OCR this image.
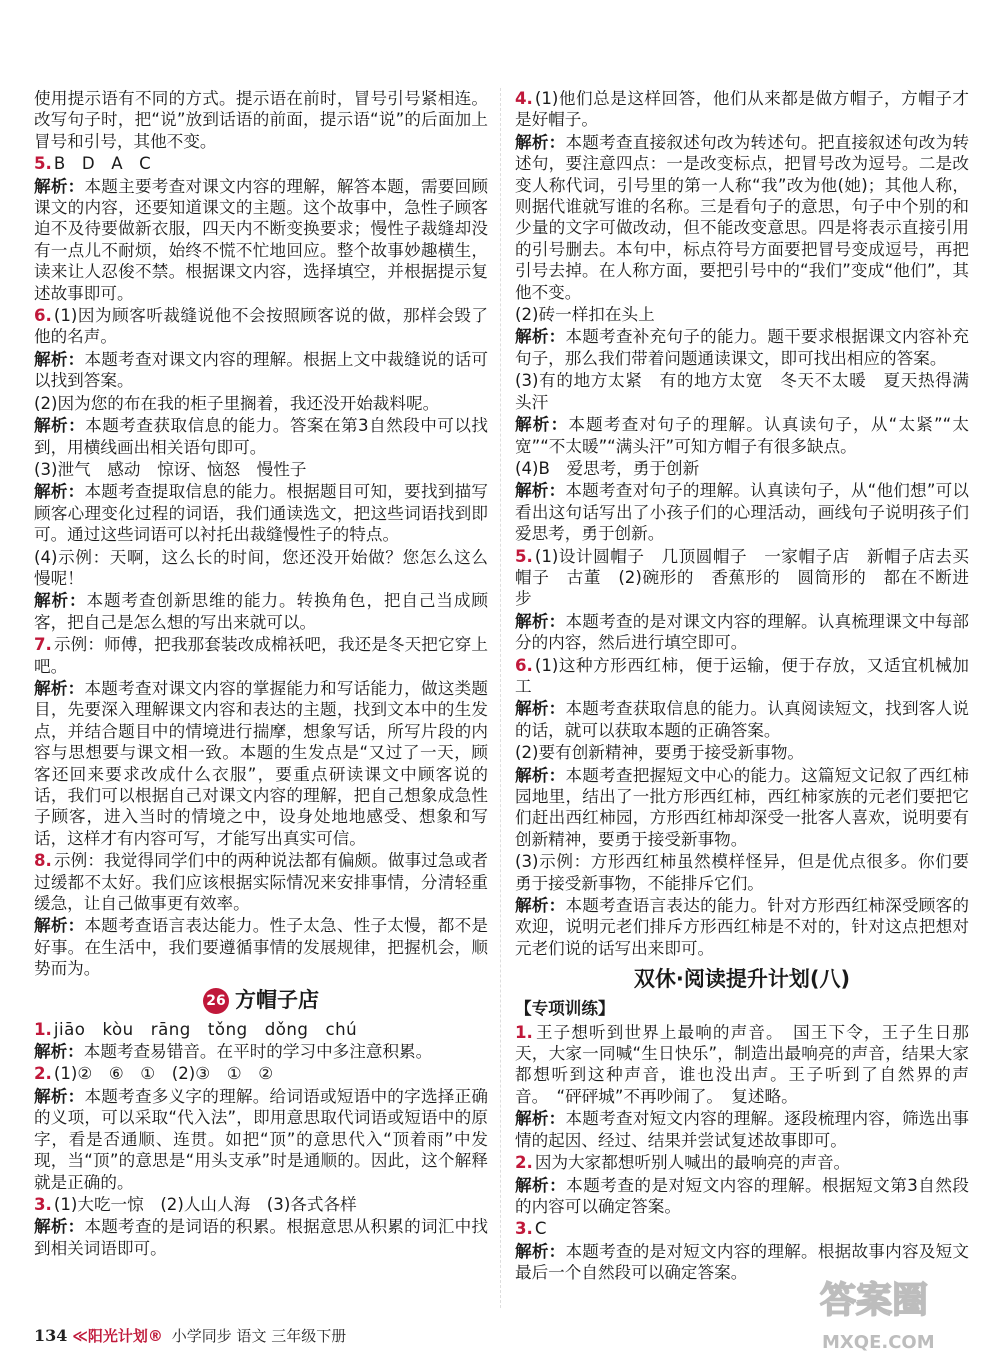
使用提示语有不同的方式。提示语在前时，冒号引号紧相连。改写句子时，把“说”放到话语的前面，提示语“说”的后面加上冒号和引号，其他不变。

5. B　D　A　C

解析：本题主要考查对课文内容的理解，解答本题，需要回顾课文的内容，还要知道课文的主题。这个故事中，急性子顾客迫不及待要做新衣服，四天内不断变换要求；慢性子裁缝却没有一点儿不耐烦，始终不慌不忙地回应。整个故事妙趣横生，读来让人忍俊不禁。根据课文内容，选择填空，并根据提示复述故事即可。

6. (1)因为顾客听裁缝说他不会按照顾客说的做，那样会毁了他的名声。

解析：本题考查对课文内容的理解。根据上文中裁缝说的话可以找到答案。

(2)因为您的布在我的柜子里搁着，我还没开始裁料呢。

解析：本题考查获取信息的能力。答案在第3自然段中可以找到，用横线画出相关语句即可。

(3)泄气　感动　惊讶、恼怒　慢性子

解析：本题考查提取信息的能力。根据题目可知，要找到描写顾客心理变化过程的词语，我们通读选文，把这些词语找到即可。通过这些词语可以衬托出裁缝慢性子的特点。

(4)示例：天啊，这么长的时间，您还没开始做？您怎么这么慢呢！

解析：本题考查创新思维的能力。转换角色，把自己当成顾客，把自己是怎么想的写出来就可以。

7. 示例：师傅，把我那套装改成棉袄吧，我还是冬天把它穿上吧。

解析：本题考查对课文内容的掌握能力和写话能力，做这类题目，先要深入理解课文内容和表达的主题，找到文本中的生发点，并结合题目中的情境进行揣摩，想象写话，所写片段的内容与思想要与课文相一致。本题的生发点是“又过了一天，顾客还回来要求改成什么衣服”，要重点研读课文中顾客说的话，我们可以根据自己对课文内容的理解，把自己想象成急性子顾客，进入当时的情境之中，设身处地地感受、想象和写话，这样才有内容可写，才能写出真实可信。

8. 示例：我觉得同学们中的两种说法都有偏颇。做事过急或者过缓都不太好。我们应该根据实际情况来安排事情，分清轻重缓急，让自己做事更有效率。

解析：本题考查语言表达能力。性子太急、性子太慢，都不是好事。在生活中，我们要遵循事情的发展规律，把握机会，顺势而为。

26 方帽子店

1. jiāo　kòu　rāng　tǒng　dǒng　chú

解析：本题考查易错音。在平时的学习中多注意积累。

2. (1)②　⑥　①　(2)③　①　②

解析：本题考查多义字的理解。给词语或短语中的字选择正确的义项，可以采取“代入法”，即用意思取代词语或短语中的原字，看是否通顺、连贯。如把“顶”的意思代入“顶着雨”中发现，当“顶”的意思是“用头支承”时是通顺的。因此，这个解释就是正确的。

3. (1)大吃一惊　(2)人山人海　(3)各式各样

解析：本题考查的是词语的积累。根据意思从积累的词汇中找到相关词语即可。

4. (1)他们总是这样回答，他们从来都是做方帽子，方帽子才是好帽子。

解析：本题考查直接叙述句改为转述句。把直接叙述句改为转述句，要注意四点：一是改变标点，把冒号改为逗号。二是改变人称代词，引号里的第一人称“我”改为他(她)；其他人称，则据代谁就写谁的名称。三是看句子的意思，句子中个别的和少量的文字可做改动，但不能改变意思。四是将表示直接引用的引号删去。本句中，标点符号方面要把冒号变成逗号，再把引号去掉。在人称方面，要把引号中的“我们”变成“他们”，其他不变。

(2)砖一样扣在头上

解析：本题考查补充句子的能力。题干要求根据课文内容补充句子，那么我们带着问题通读课文，即可找出相应的答案。

(3)有的地方太紧　有的地方太宽　冬天不太暖　夏天热得满头汗

解析：本题考查对句子的理解。认真读句子，从“太紧”“太宽”“不太暖”“满头汗”可知方帽子有很多缺点。

(4)B　爱思考，勇于创新

解析：本题考查对句子的理解。认真读句子，从“他们想”可以看出这句话写出了小孩子们的心理活动，画线句子说明孩子们爱思考，勇于创新。

5. (1)设计圆帽子　几顶圆帽子　一家帽子店　新帽子店去买帽子　古董　(2)碗形的　香蕉形的　圆筒形的　都在不断进步

解析：本题考查的是对课文内容的理解。认真梳理课文中每部分的内容，然后进行填空即可。

6. (1)这种方形西红柿，便于运输，便于存放，又适宜机械加工

解析：本题考查获取信息的能力。认真阅读短文，找到客人说的话，就可以获取本题的正确答案。

(2)要有创新精神，要勇于接受新事物。

解析：本题考查把握短文中心的能力。这篇短文记叙了西红柿园地里，结出了一批方形西红柿，西红柿家族的元老们要把它们赶出西红柿园，方形西红柿却深受一批客人喜欢，说明要有创新精神，要勇于接受新事物。

(3)示例：方形西红柿虽然模样怪异，但是优点很多。你们要勇于接受新事物，不能排斥它们。

解析：本题考查语言表达的能力。针对方形西红柿深受顾客的欢迎，说明元老们排斥方形西红柿是不对的，针对这点把想对元老们说的话写出来即可。

双休·阅读提升计划(八)
【专项训练】

1. 王子想听到世界上最响的声音。　国王下令，王子生日那天，大家一同喊“生日快乐”，制造出最响亮的声音，结果大家都想听到这种声音，谁也没出声。王子听到了自然界的声音。　“砰砰城”不再吵闹了。　复述略。

解析：本题考查对短文内容的理解。逐段梳理内容，筛选出事情的起因、经过、结果并尝试复述故事即可。

2. 因为大家都想听别人喊出的最响亮的声音。

解析：本题考查的是对短文内容的理解。根据短文第3自然段的内容可以确定答案。

3. C

解析：本题考查的是对短文内容的理解。根据故事内容及短文最后一个自然段可以确定答案。

134 ≪阳光计划® 小学同步 语文 三年级下册
答案圈
MXQE.COM
